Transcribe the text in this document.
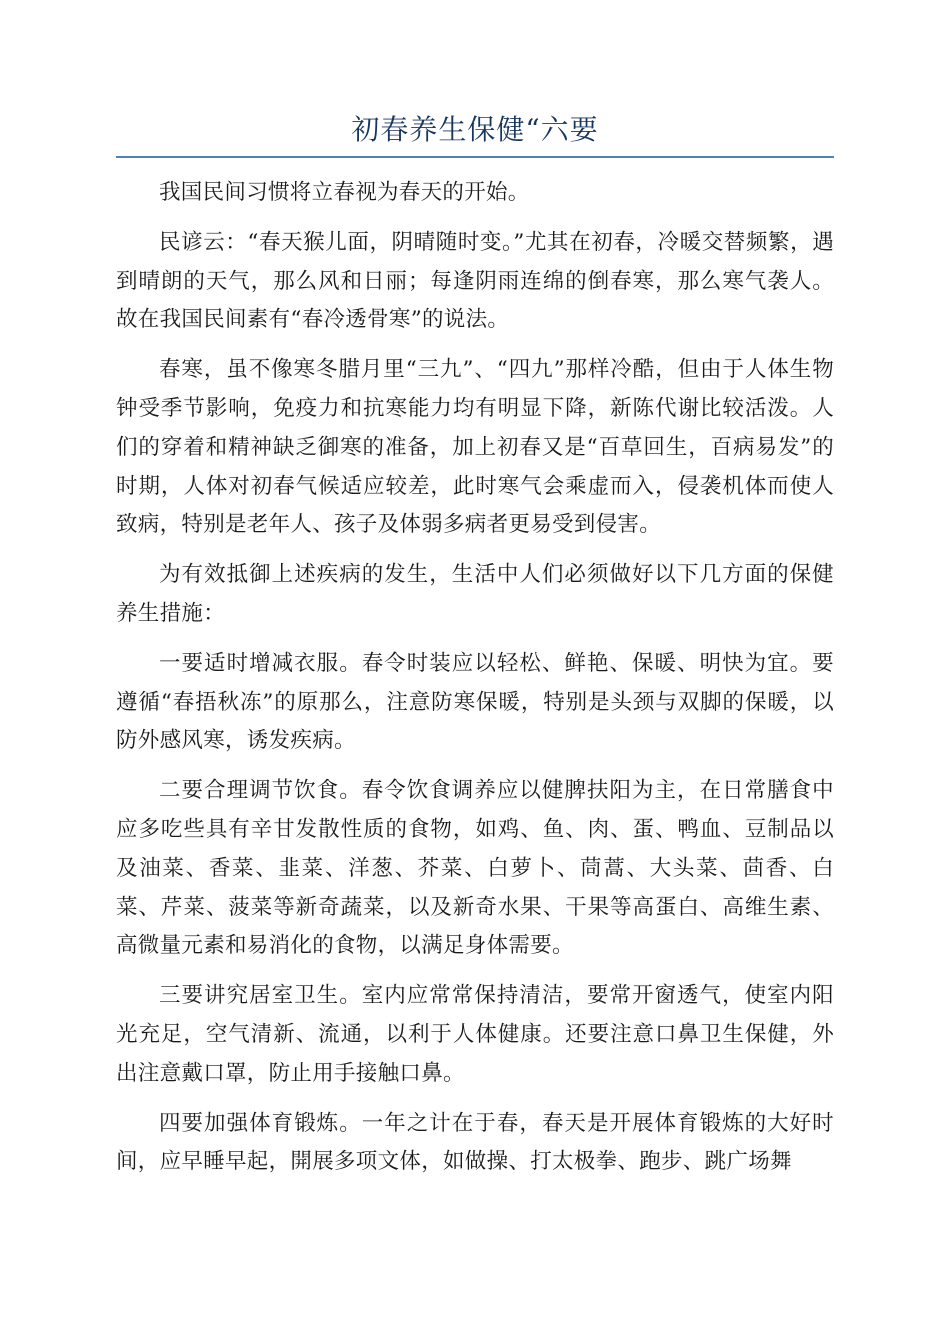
初春养生保健“六要

我国民间习惯将立春视为春天的开始。

民谚云：“春天猴儿面，阴晴随时变。”尤其在初春，冷暖交替频繁，遇到晴朗的天气，那么风和日丽；每逢阴雨连绵的倒春寒，那么寒气袭人。故在我国民间素有“春冷透骨寒”的说法。

春寒，虽不像寒冬腊月里“三九”、“四九”那样冷酷，但由于人体生物钟受季节影响，免疫力和抗寒能力均有明显下降，新陈代谢比较活泼。人们的穿着和精神缺乏御寒的准备，加上初春又是“百草回生，百病易发”的时期，人体对初春气候适应较差，此时寒气会乘虚而入，侵袭机体而使人致病，特别是老年人、孩子及体弱多病者更易受到侵害。

为有效抵御上述疾病的发生，生活中人们必须做好以下几方面的保健养生措施：

一要适时增减衣服。春令时装应以轻松、鲜艳、保暖、明快为宜。要遵循“春捂秋冻”的原那么，注意防寒保暖，特别是头颈与双脚的保暖，以防外感风寒，诱发疾病。

二要合理调节饮食。春令饮食调养应以健脾扶阳为主，在日常膳食中应多吃些具有辛甘发散性质的食物，如鸡、鱼、肉、蛋、鸭血、豆制品以及油菜、香菜、韭菜、洋葱、芥菜、白萝卜、茼蒿、大头菜、茴香、白菜、芹菜、菠菜等新奇蔬菜，以及新奇水果、干果等高蛋白、高维生素、高微量元素和易消化的食物，以满足身体需要。

三要讲究居室卫生。室内应常常保持清洁，要常开窗透气，使室内阳光充足，空气清新、流通，以利于人体健康。还要注意口鼻卫生保健，外出注意戴口罩，防止用手接触口鼻。

四要加强体育锻炼。一年之计在于春，春天是开展体育锻炼的大好时间，应早睡早起，開展多项文体，如做操、打太极拳、跑步、跳广场舞
